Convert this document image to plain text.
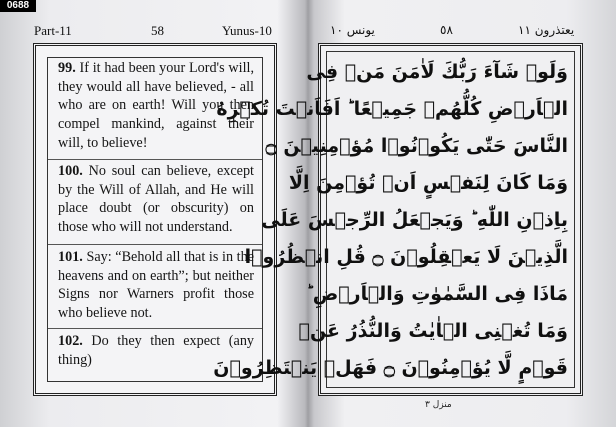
0688
Part-11	58	Yunus-10	يونس ١٠	٥٨	يعتذرون ١١

99. If it had been your Lord's will, they would all have believed, - all who are on earth! Will you then compel mankind, against their will, to believe!

100. No soul can believe, except by the Will of Allah, and He will place doubt (or obscurity) on those who will not understand.

101. Say: “Behold all that is in the heavens and on earth”; but neither Signs nor Warners profit those who believe not.

102. Do they then expect (any thing)

وَلَوۡ شَآءَ رَبُّكَ لَاٰمَنَ مَنۡ فِى
الۡاَرۡضِ كُلُّهُمۡ جَمِيۡعًا ؕ اَفَاَنۡتَ تُكۡرِهُ
النَّاسَ حَتّٰى يَكُوۡنُوۡا مُؤۡمِنِيۡنَ ۝
وَمَا كَانَ لِنَفۡسٍ اَنۡ تُؤۡمِنَ اِلَّا
بِاِذۡنِ اللّٰهِ ؕ وَيَجۡعَلُ الرِّجۡسَ عَلَى
الَّذِيۡنَ لَا يَعۡقِلُوۡنَ ۝ قُلِ انۡظُرُوۡا
مَاذَا فِى السَّمٰوٰتِ وَالۡاَرۡضِ ؕ
وَمَا تُغۡنِى الۡاٰيٰتُ وَالنُّذُرُ عَنۡ
قَوۡمٍ لَّا يُؤۡمِنُوۡنَ ۝ فَهَلۡ يَنۡتَظِرُوۡنَ
منزل ٣
